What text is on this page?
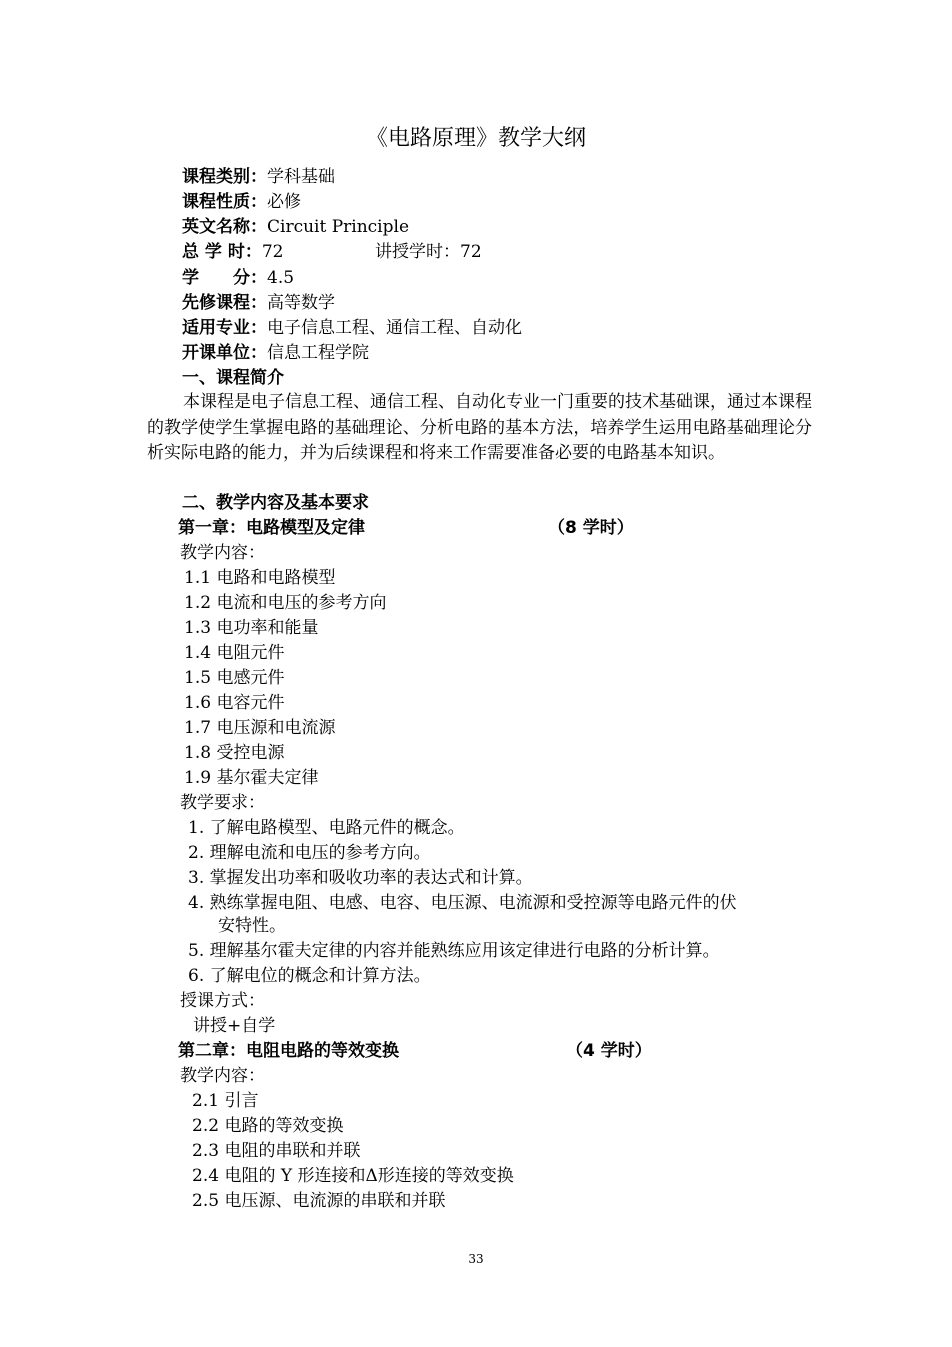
《电路原理》教学大纲
课程类别：学科基础
课程性质：必修
英文名称：Circuit Principle
总 学 时：72	讲授学时：72
学　　分：4.5
先修课程：高等数学
适用专业：电子信息工程、通信工程、自动化
开课单位：信息工程学院
一、课程简介
本课程是电子信息工程、通信工程、自动化专业一门重要的技术基础课，通过本课程的教学使学生掌握电路的基础理论、分析电路的基本方法，培养学生运用电路基础理论分析实际电路的能力，并为后续课程和将来工作需要准备必要的电路基本知识。
二、教学内容及基本要求
第一章：电路模型及定律	（8 学时）
教学内容：
1.1 电路和电路模型
1.2 电流和电压的参考方向
1.3 电功率和能量
1.4 电阻元件
1.5 电感元件
1.6 电容元件
1.7 电压源和电流源
1.8 受控电源
1.9 基尔霍夫定律
教学要求：
1. 了解电路模型、电路元件的概念。
2. 理解电流和电压的参考方向。
3. 掌握发出功率和吸收功率的表达式和计算。
4. 熟练掌握电阻、电感、电容、电压源、电流源和受控源等电路元件的伏
安特性。
5. 理解基尔霍夫定律的内容并能熟练应用该定律进行电路的分析计算。
6. 了解电位的概念和计算方法。
授课方式：
讲授+自学
第二章：电阻电路的等效变换	（4 学时）
教学内容：
2.1 引言
2.2 电路的等效变换
2.3 电阻的串联和并联
2.4 电阻的 Y 形连接和Δ形连接的等效变换
2.5 电压源、电流源的串联和并联
33
